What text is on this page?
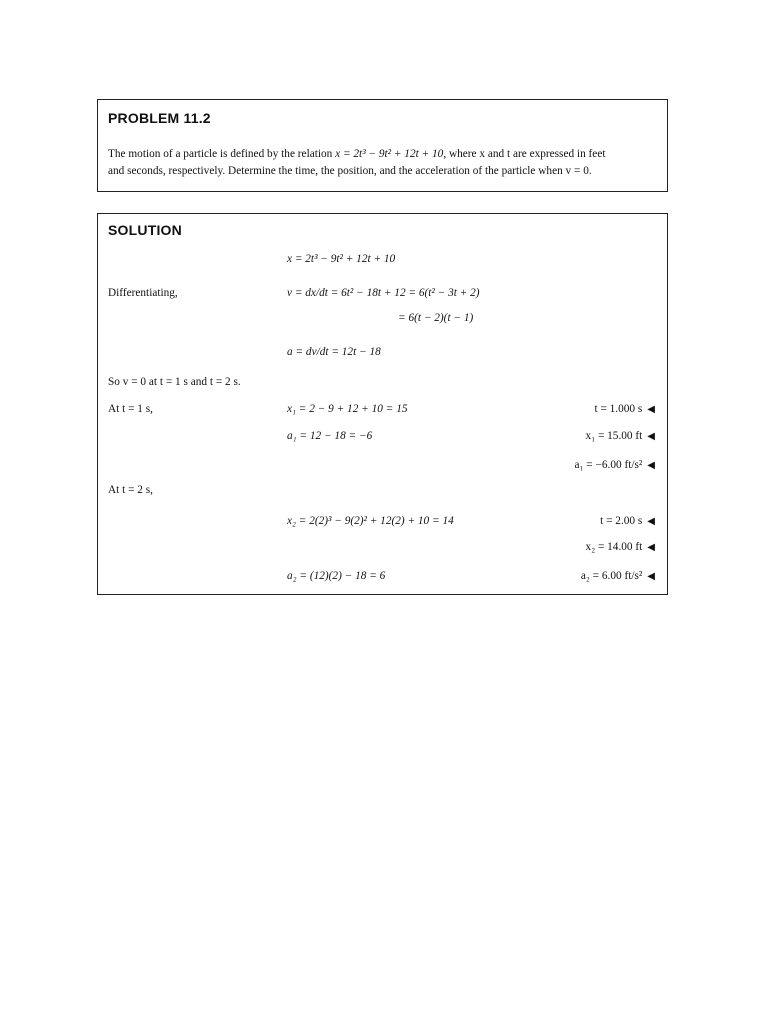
PROBLEM 11.2
The motion of a particle is defined by the relation x = 2t³ − 9t² + 12t + 10, where x and t are expressed in feet
and seconds, respectively. Determine the time, the position, and the acceleration of the particle when v = 0.
SOLUTION
x = 2t³ − 9t² + 12t + 10
Differentiating,	v = dx/dt = 6t² − 18t + 12 = 6(t² − 3t + 2)
= 6(t − 2)(t − 1)
a = dv/dt = 12t − 18
So v = 0 at t = 1 s and t = 2 s.
At t = 1 s,	x₁ = 2 − 9 + 12 + 10 = 15	t = 1.000 s ◀
a₁ = 12 − 18 = −6	x₁ = 15.00 ft ◀
a₁ = −6.00 ft/s² ◀
At t = 2 s,
x₂ = 2(2)³ − 9(2)² + 12(2) + 10 = 14	t = 2.00 s ◀
x₂ = 14.00 ft ◀
a₂ = (12)(2) − 18 = 6	a₂ = 6.00 ft/s² ◀
